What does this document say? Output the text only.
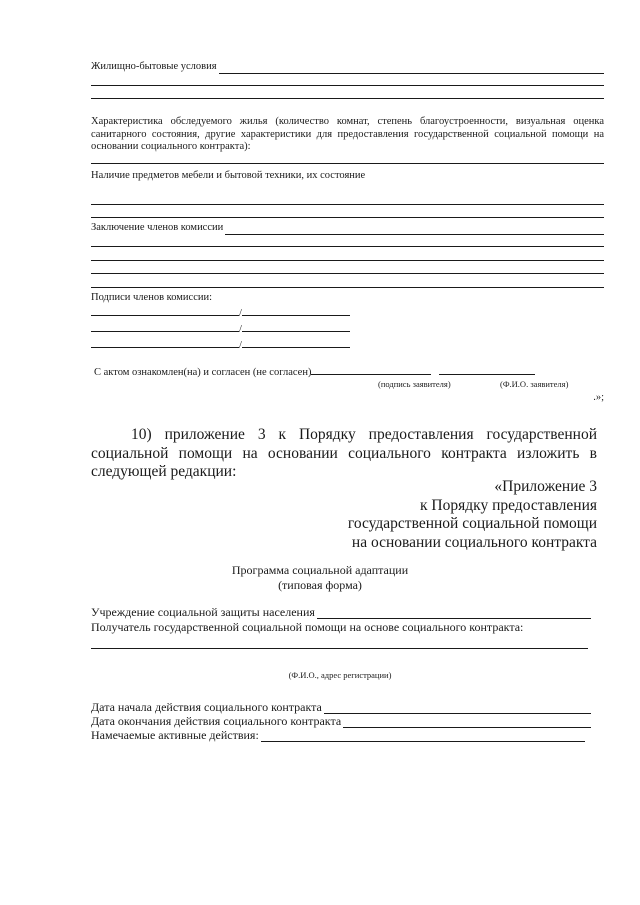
Жилищно-бытовые условия
Характеристика обследуемого жилья (количество комнат, степень благоустроенности, визуальная оценка санитарного состояния, другие характеристики для предоставления государственной социальной помощи на основании социального контракта):
Наличие предметов мебели и бытовой техники, их состояние
Заключение членов комиссии
Подписи членов комиссии:
/
/
/
С актом ознакомлен(на) и согласен (не согласен)
(подпись заявителя)	(Ф.И.О. заявителя)
.»;
10) приложение 3 к Порядку предоставления государственной социальной помощи на основании социального контракта изложить в следующей редакции:
«Приложение 3
к Порядку предоставления
государственной социальной помощи
на основании социального контракта
Программа социальной адаптации
(типовая форма)
Учреждение социальной защиты населения
Получатель государственной социальной помощи на основе социального контракта:
(Ф.И.О., адрес регистрации)
Дата начала действия социального контракта
Дата окончания действия социального контракта
Намечаемые активные действия:
